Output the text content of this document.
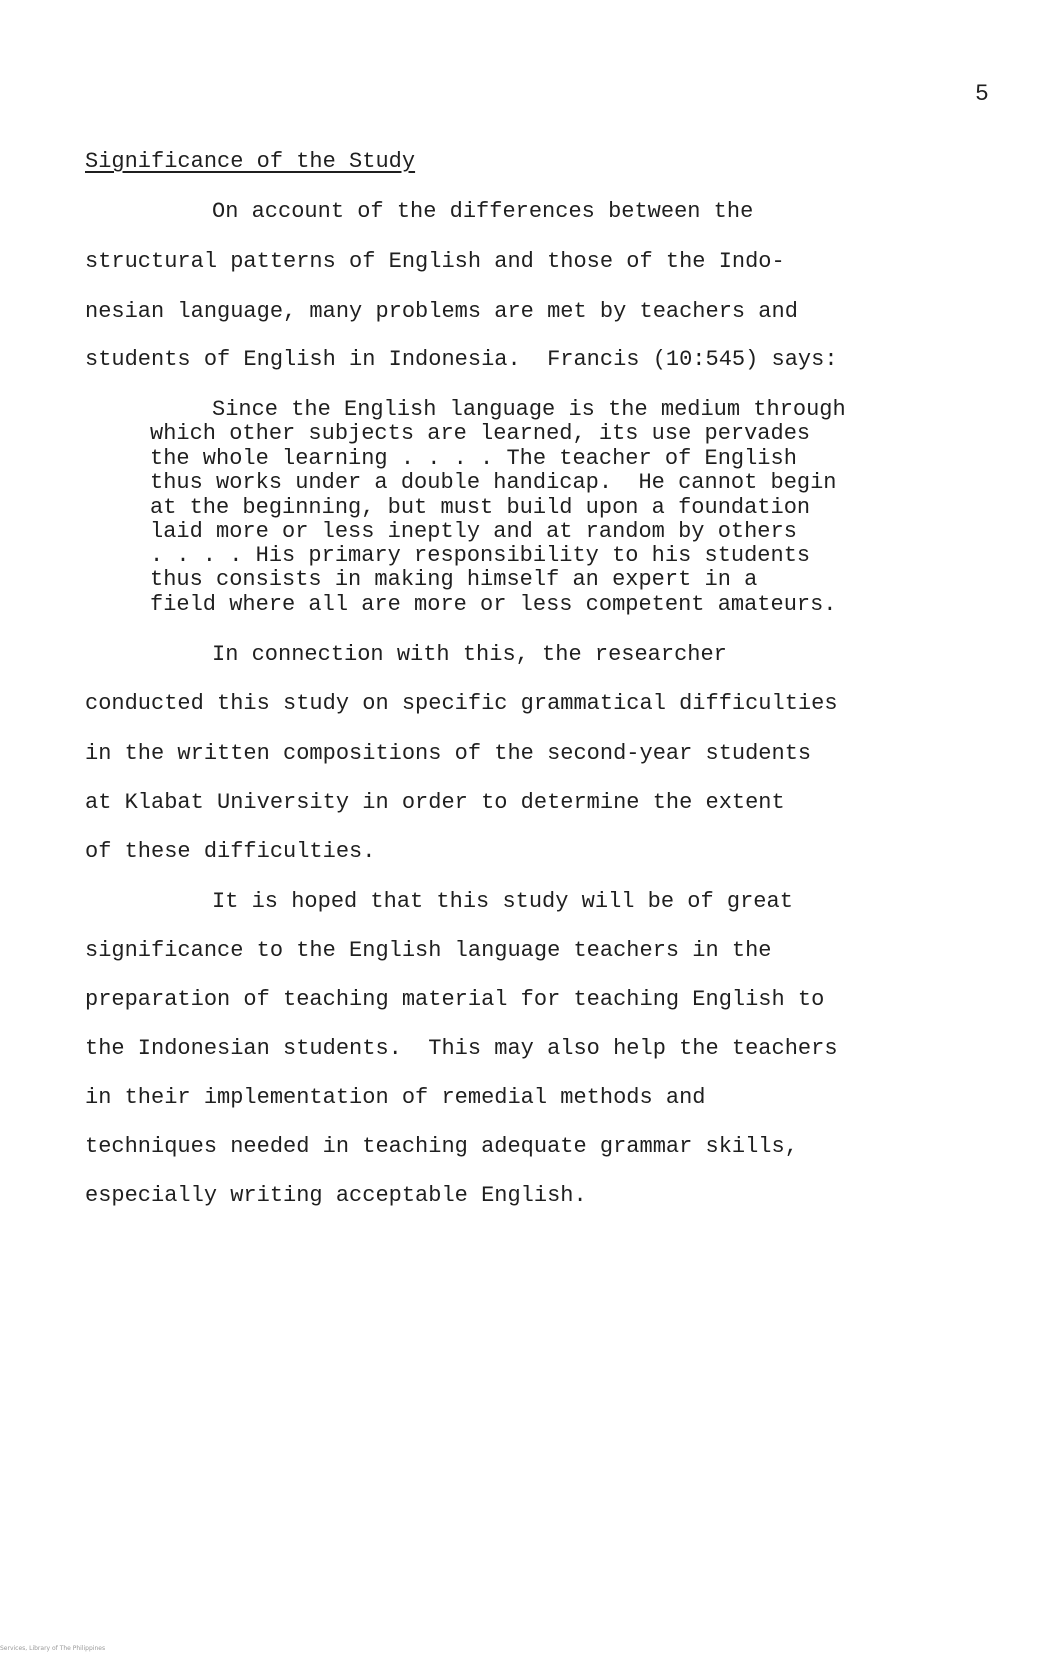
5
Significance of the Study
On account of the differences between the
structural patterns of English and those of the Indo-
nesian language, many problems are met by teachers and
students of English in Indonesia.  Francis (10:545) says:
Since the English language is the medium through
which other subjects are learned, its use pervades
the whole learning . . . . The teacher of English
thus works under a double handicap.  He cannot begin
at the beginning, but must build upon a foundation
laid more or less ineptly and at random by others
. . . . His primary responsibility to his students
thus consists in making himself an expert in a
field where all are more or less competent amateurs.
In connection with this, the researcher
conducted this study on specific grammatical difficulties
in the written compositions of the second-year students
at Klabat University in order to determine the extent
of these difficulties.
It is hoped that this study will be of great
significance to the English language teachers in the
preparation of teaching material for teaching English to
the Indonesian students.  This may also help the teachers
in their implementation of remedial methods and
techniques needed in teaching adequate grammar skills,
especially writing acceptable English.
Services, Library of The Philippines
